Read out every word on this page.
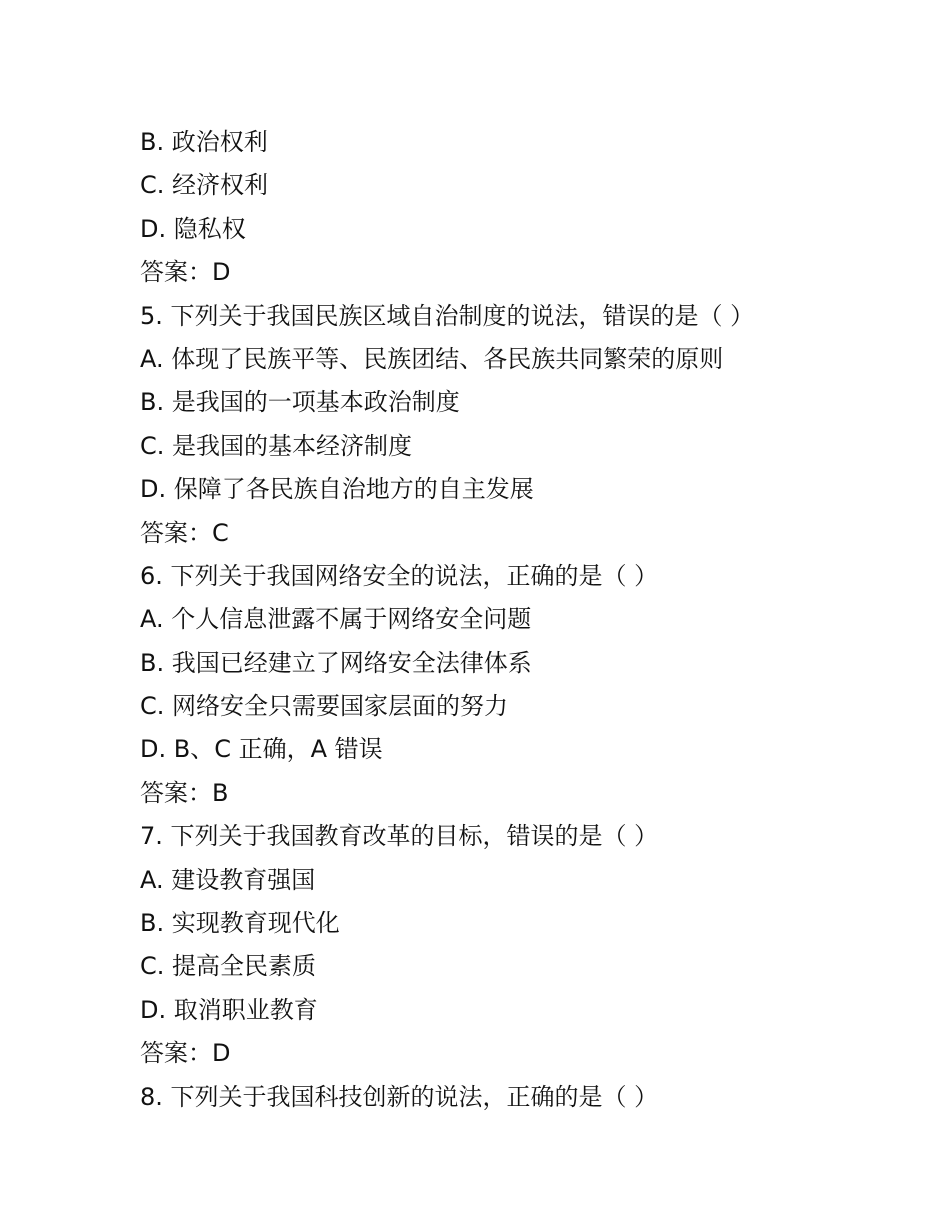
B. 政治权利
C. 经济权利
D. 隐私权
答案：D
5. 下列关于我国民族区域自治制度的说法，错误的是（ ）
A. 体现了民族平等、民族团结、各民族共同繁荣的原则
B. 是我国的一项基本政治制度
C. 是我国的基本经济制度
D. 保障了各民族自治地方的自主发展
答案：C
6. 下列关于我国网络安全的说法，正确的是（ ）
A. 个人信息泄露不属于网络安全问题
B. 我国已经建立了网络安全法律体系
C. 网络安全只需要国家层面的努力
D. B、C 正确，A 错误
答案：B
7. 下列关于我国教育改革的目标，错误的是（ ）
A. 建设教育强国
B. 实现教育现代化
C. 提高全民素质
D. 取消职业教育
答案：D
8. 下列关于我国科技创新的说法，正确的是（ ）
